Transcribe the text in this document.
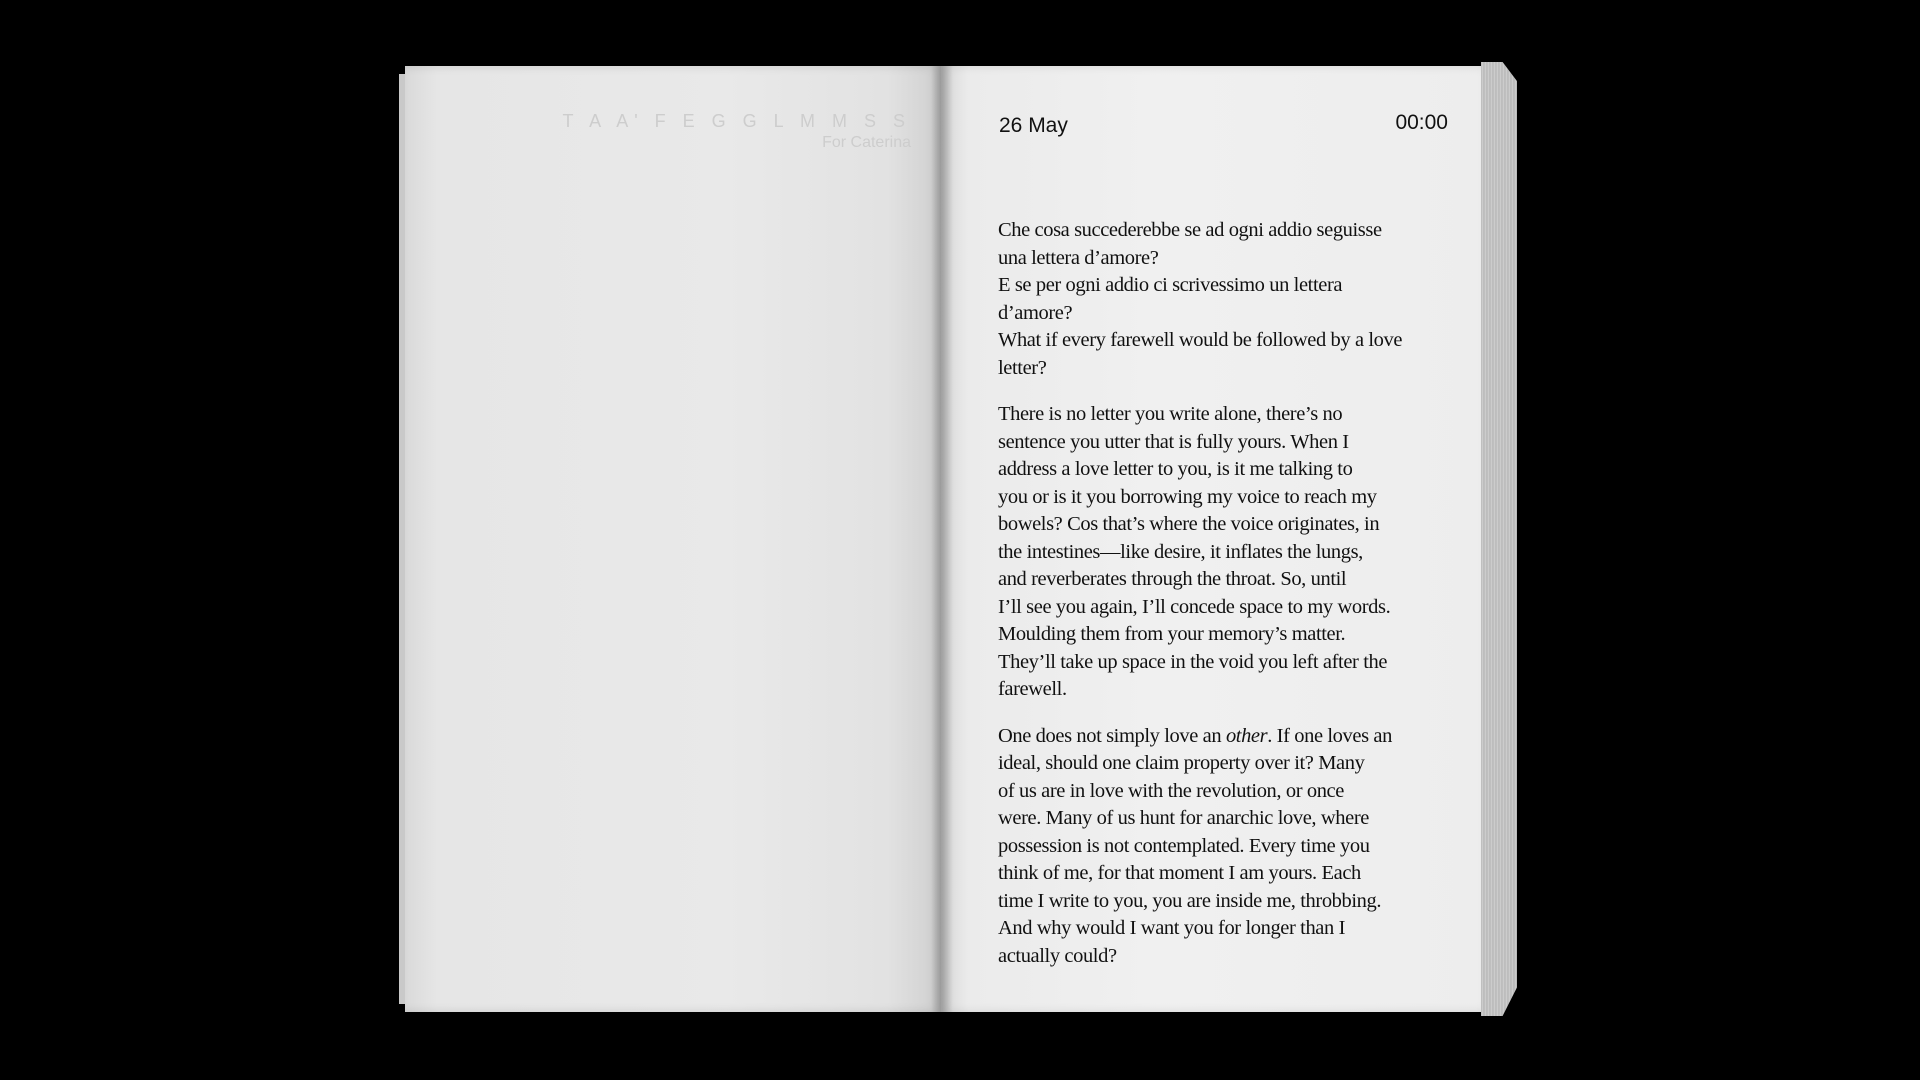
T A A' F E G G L M M S S
For Caterina
26 May	00:00

Che cosa succederebbe se ad ogni addio seguisse
una lettera d’amore?
E se per ogni addio ci scrivessimo un lettera
d’amore?
What if every farewell would be followed by a love
letter?

There is no letter you write alone, there’s no
sentence you utter that is fully yours. When I
address a love letter to you, is it me talking to
you or is it you borrowing my voice to reach my
bowels? Cos that’s where the voice originates, in
the intestines—like desire, it inflates the lungs,
and reverberates through the throat. So, until
I’ll see you again, I’ll concede space to my words.
Moulding them from your memory’s matter.
They’ll take up space in the void you left after the
farewell.

One does not simply love an other. If one loves an
ideal, should one claim property over it? Many
of us are in love with the revolution, or once
were. Many of us hunt for anarchic love, where
possession is not contemplated. Every time you
think of me, for that moment I am yours. Each
time I write to you, you are inside me, throbbing.
And why would I want you for longer than I
actually could?
